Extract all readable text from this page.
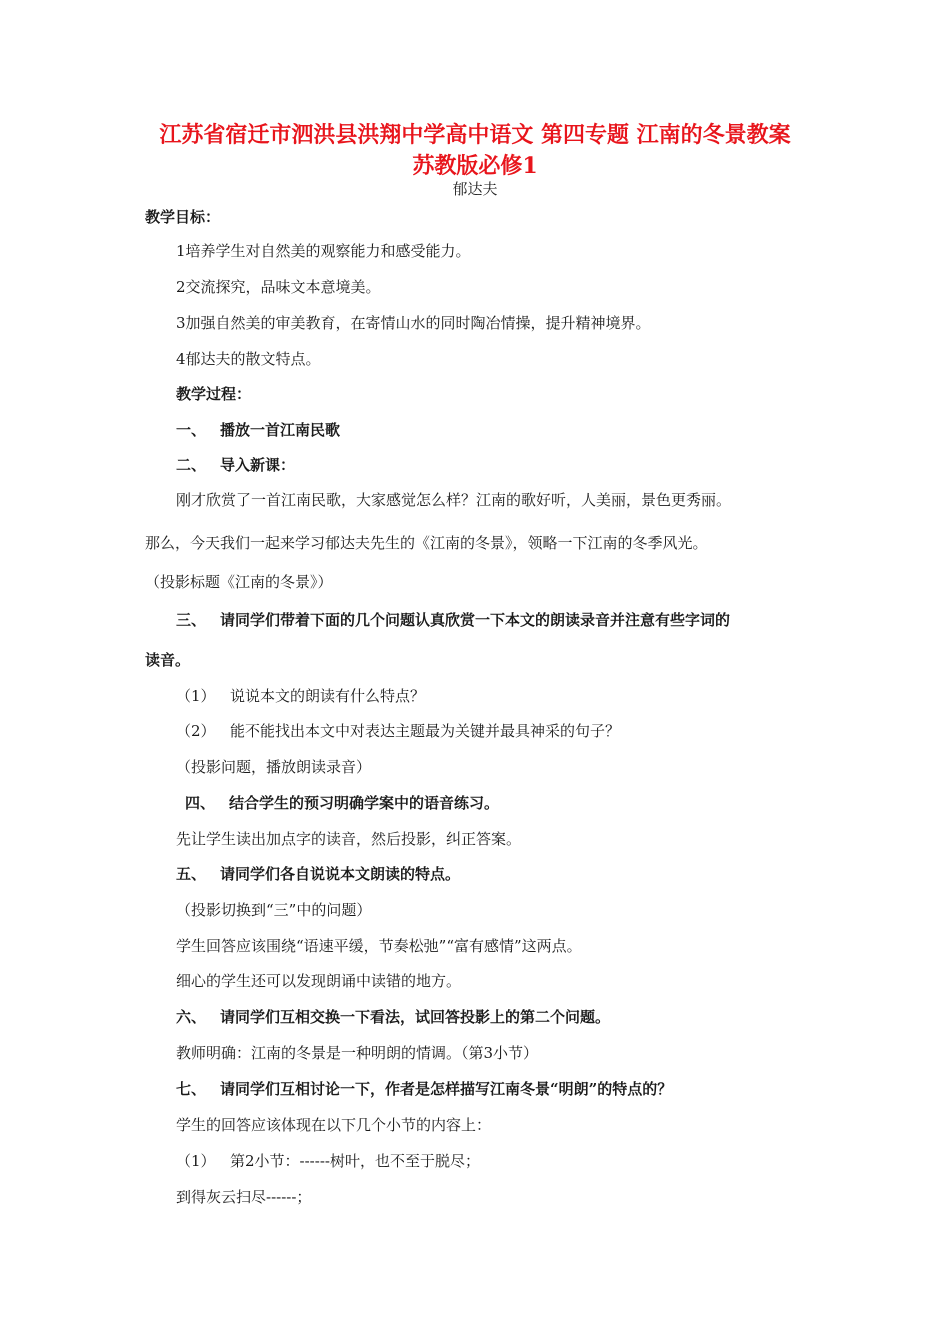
江苏省宿迁市泗洪县洪翔中学高中语文 第四专题 江南的冬景教案
苏教版必修1
郁达夫
教学目标：
1培养学生对自然美的观察能力和感受能力。
2交流探究，品味文本意境美。
3加强自然美的审美教育，在寄情山水的同时陶冶情操，提升精神境界。
4郁达夫的散文特点。
教学过程：
一、 播放一首江南民歌
二、 导入新课：
刚才欣赏了一首江南民歌，大家感觉怎么样？江南的歌好听，人美丽，景色更秀丽。
那么，今天我们一起来学习郁达夫先生的《江南的冬景》，领略一下江南的冬季风光。
（投影标题《江南的冬景》）
三、 请同学们带着下面的几个问题认真欣赏一下本文的朗读录音并注意有些字词的
读音。
（1） 说说本文的朗读有什么特点？
（2） 能不能找出本文中对表达主题最为关键并最具神采的句子？
（投影问题，播放朗读录音）
四、 结合学生的预习明确学案中的语音练习。
先让学生读出加点字的读音，然后投影，纠正答案。
五、 请同学们各自说说本文朗读的特点。
（投影切换到“三”中的问题）
学生回答应该围绕“语速平缓，节奏松弛”“富有感情”这两点。
细心的学生还可以发现朗诵中读错的地方。
六、 请同学们互相交换一下看法，试回答投影上的第二个问题。
教师明确：江南的冬景是一种明朗的情调。（第3小节）
七、 请同学们互相讨论一下，作者是怎样描写江南冬景“明朗”的特点的？
学生的回答应该体现在以下几个小节的内容上：
（1） 第2小节：------树叶，也不至于脱尽；
到得灰云扫尽------；
